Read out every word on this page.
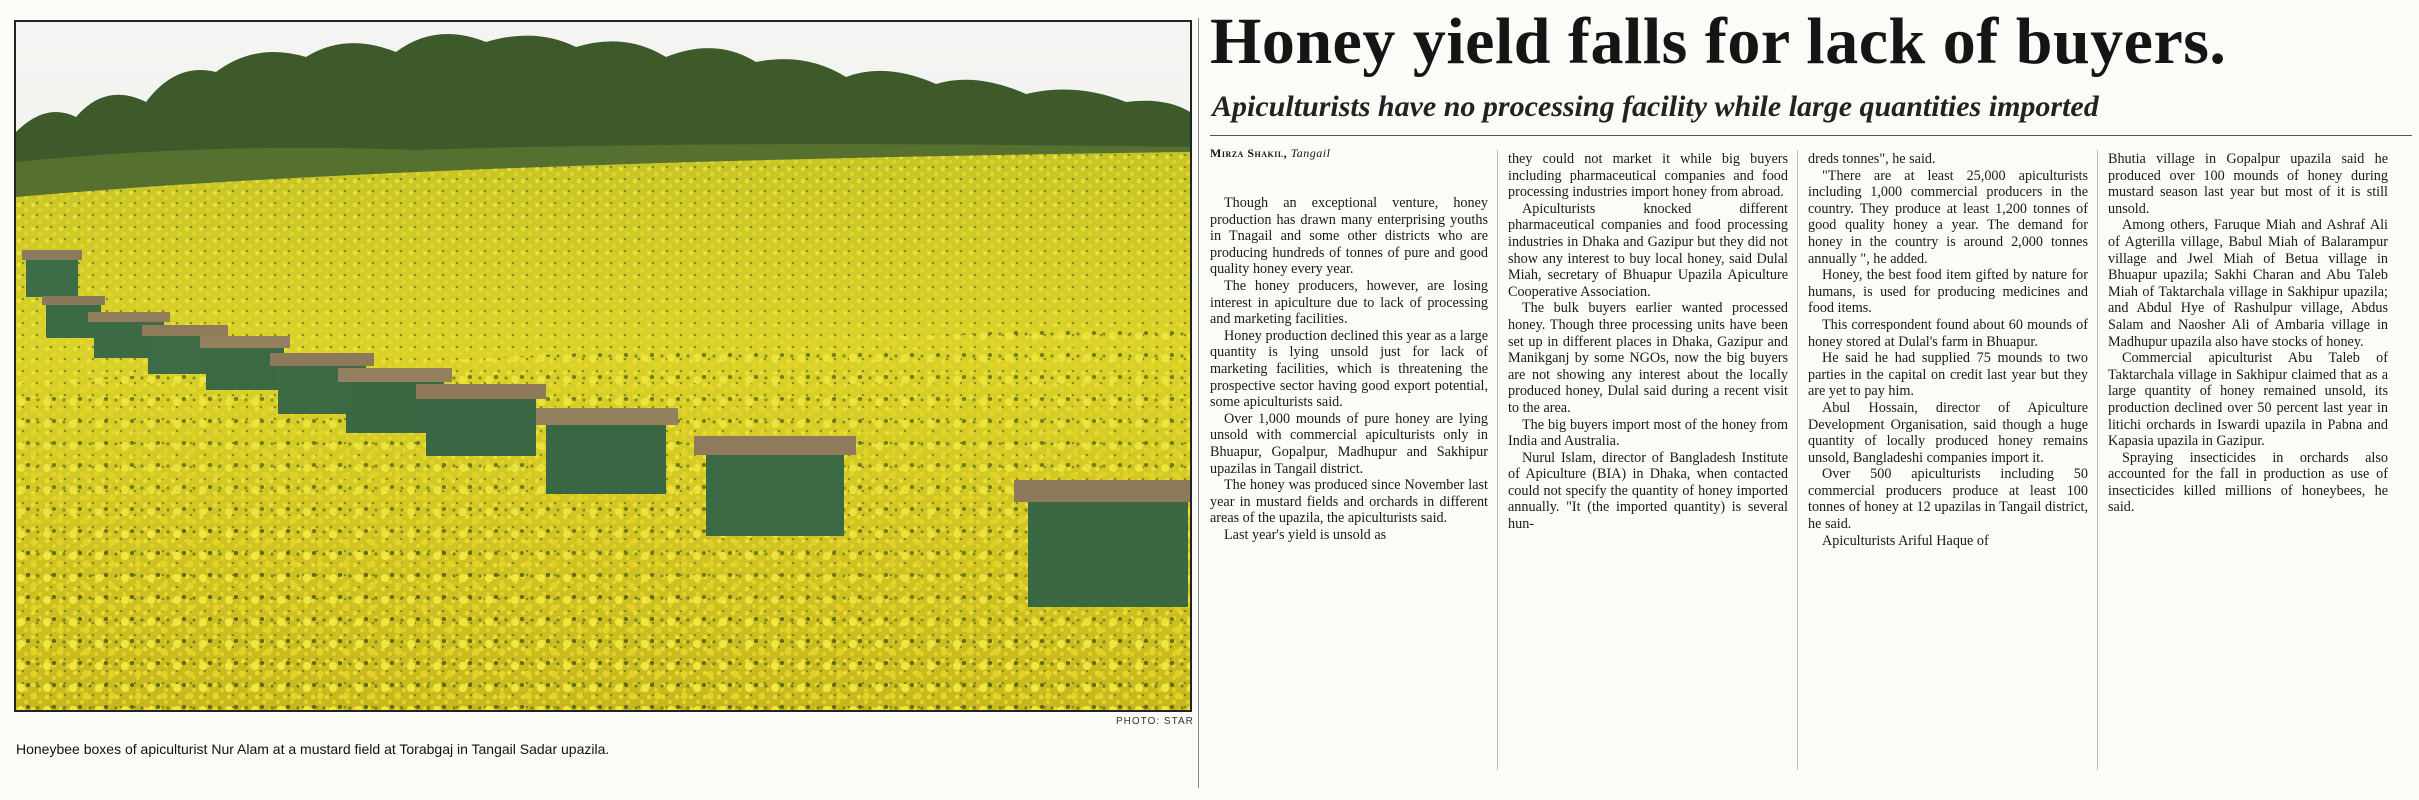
PHOTO: STAR
Honeybee boxes of apiculturist Nur Alam at a mustard field at Torabgaj in Tangail Sadar upazila.
Honey yield falls for lack of buyers.
Apiculturists have no processing facility while large quantities imported
Mirza Shakil, Tangail

Though an exceptional venture, honey production has drawn many enterprising youths in Tnagail and some other districts who are producing hundreds of tonnes of pure and good quality honey every year.

The honey producers, however, are losing interest in apiculture due to lack of processing and marketing facilities.

Honey production declined this year as a large quantity is lying unsold just for lack of marketing facilities, which is threatening the prospective sector having good export potential, some apiculturists said.

Over 1,000 mounds of pure honey are lying unsold with commercial apiculturists only in Bhuapur, Gopalpur, Madhupur and Sakhipur upazilas in Tangail district.

The honey was produced since November last year in mustard fields and orchards in different areas of the upazila, the apiculturists said.

Last year's yield is unsold as

they could not market it while big buyers including pharmaceutical companies and food processing industries import honey from abroad.

Apiculturists knocked different pharmaceutical companies and food processing industries in Dhaka and Gazipur but they did not show any interest to buy local honey, said Dulal Miah, secretary of Bhuapur Upazila Apiculture Cooperative Association.

The bulk buyers earlier wanted processed honey. Though three processing units have been set up in different places in Dhaka, Gazipur and Manikganj by some NGOs, now the big buyers are not showing any interest about the locally produced honey, Dulal said during a recent visit to the area.

The big buyers import most of the honey from India and Australia.

Nurul Islam, director of Bangladesh Institute of Apiculture (BIA) in Dhaka, when contacted could not specify the quantity of honey imported annually. "It (the imported quantity) is several hun-

dreds tonnes", he said.

"There are at least 25,000 apiculturists including 1,000 commercial producers in the country. They produce at least 1,200 tonnes of good quality honey a year. The demand for honey in the country is around 2,000 tonnes annually ", he added.

Honey, the best food item gifted by nature for humans, is used for producing medicines and food items.

This correspondent found about 60 mounds of honey stored at Dulal's farm in Bhuapur.

He said he had supplied 75 mounds to two parties in the capital on credit last year but they are yet to pay him.

Abul Hossain, director of Apiculture Development Organisation, said though a huge quantity of locally produced honey remains unsold, Bangladeshi companies import it.

Over 500 apiculturists including 50 commercial producers produce at least 100 tonnes of honey at 12 upazilas in Tangail district, he said.

Apiculturists Ariful Haque of

Bhutia village in Gopalpur upazila said he produced over 100 mounds of honey during mustard season last year but most of it is still unsold.

Among others, Faruque Miah and Ashraf Ali of Agterilla village, Babul Miah of Balarampur village and Jwel Miah of Betua village in Bhuapur upazila; Sakhi Charan and Abu Taleb Miah of Taktarchala village in Sakhipur upazila; and Abdul Hye of Rashulpur village, Abdus Salam and Naosher Ali of Ambaria village in Madhupur upazila also have stocks of honey.

Commercial apiculturist Abu Taleb of Taktarchala village in Sakhipur claimed that as a large quantity of honey remained unsold, its production declined over 50 percent last year in litichi orchards in Iswardi upazila in Pabna and Kapasia upazila in Gazipur.

Spraying insecticides in orchards also accounted for the fall in production as use of insecticides killed millions of honeybees, he said.
